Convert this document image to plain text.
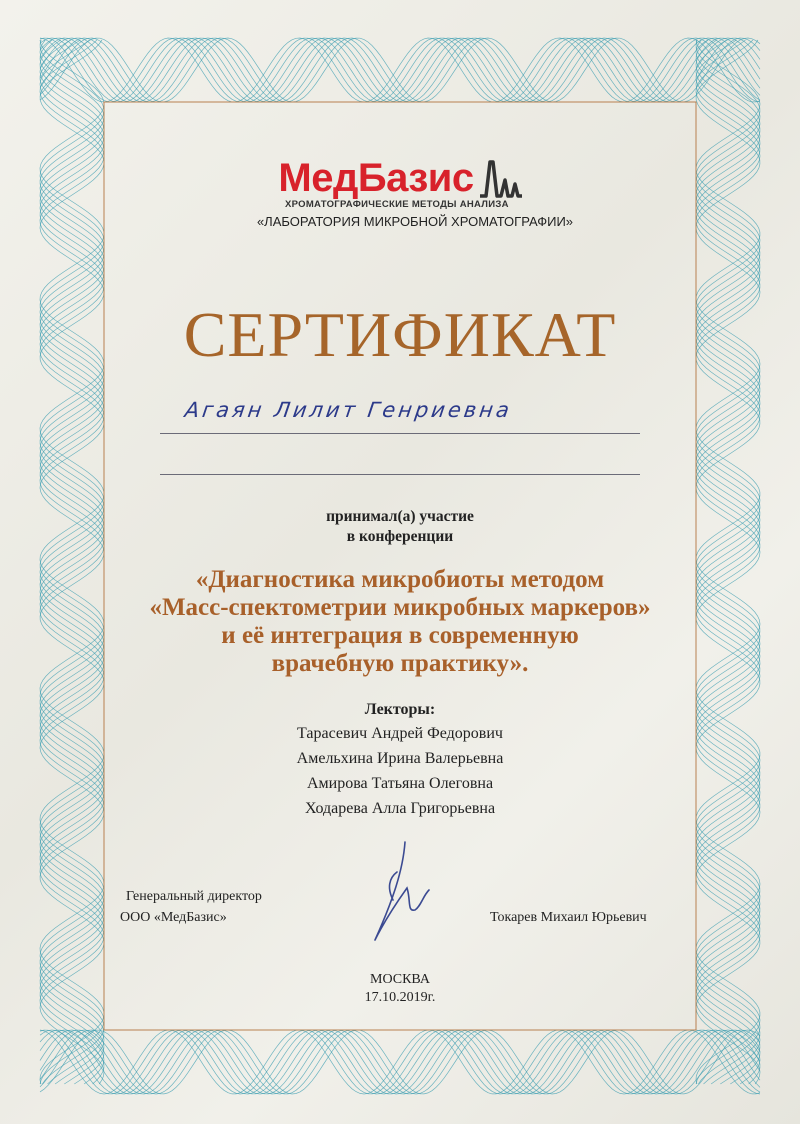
МедБазис
ХРОМАТОГРАФИЧЕСКИЕ МЕТОДЫ АНАЛИЗА
«ЛАБОРАТОРИЯ МИКРОБНОЙ ХРОМАТОГРАФИИ»
СЕРТИФИКАТ
Агаян Лилит Генриевна
принимал(а) участие
в конференции
«Диагностика микробиоты методом
«Масс-спектометрии микробных маркеров»
и её интеграция в современную
врачебную практику».
Лекторы:
Тарасевич Андрей Федорович
Амельхина Ирина Валерьевна
Амирова Татьяна Олеговна
Ходарева Алла Григорьевна
Генеральный директор
ООО «МедБазис»	Токарев Михаил Юрьевич
МОСКВА
17.10.2019г.
